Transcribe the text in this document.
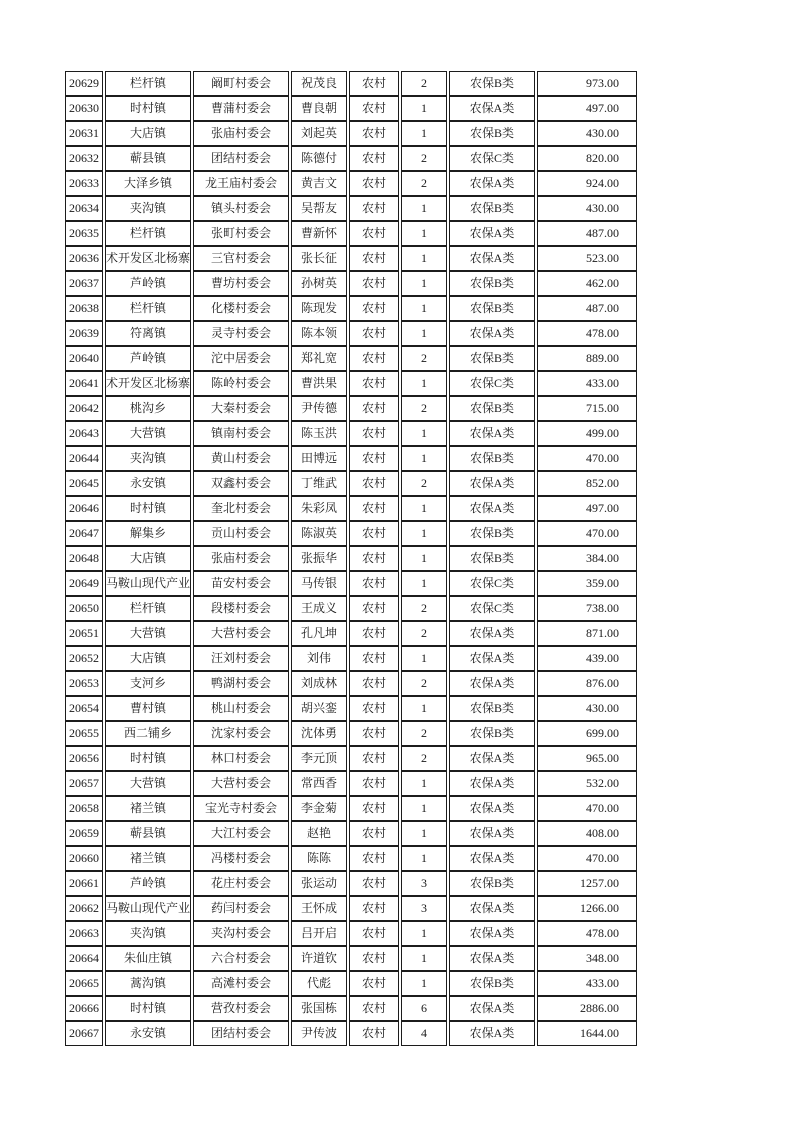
20629	栏杆镇	阚町村委会	祝茂良	农村	2	农保B类	973.00
20630	时村镇	曹蒲村委会	曹良朝	农村	1	农保A类	497.00
20631	大店镇	张庙村委会	刘起英	农村	1	农保B类	430.00
20632	蕲县镇	团结村委会	陈德付	农村	2	农保C类	820.00
20633	大泽乡镇	龙王庙村委会	黄吉文	农村	2	农保A类	924.00
20634	夹沟镇	镇头村委会	吴帮友	农村	1	农保B类	430.00
20635	栏杆镇	张町村委会	曹新怀	农村	1	农保A类	487.00
20636	术开发区北杨寨	三官村委会	张长征	农村	1	农保A类	523.00
20637	芦岭镇	曹坊村委会	孙树英	农村	1	农保B类	462.00
20638	栏杆镇	化楼村委会	陈现发	农村	1	农保B类	487.00
20639	符离镇	灵寺村委会	陈本领	农村	1	农保A类	478.00
20640	芦岭镇	沱中居委会	郑礼宽	农村	2	农保B类	889.00
20641	术开发区北杨寨	陈岭村委会	曹洪果	农村	1	农保C类	433.00
20642	桃沟乡	大秦村委会	尹传德	农村	2	农保B类	715.00
20643	大营镇	镇南村委会	陈玉洪	农村	1	农保A类	499.00
20644	夹沟镇	黄山村委会	田博远	农村	1	农保B类	470.00
20645	永安镇	双鑫村委会	丁维武	农村	2	农保A类	852.00
20646	时村镇	奎北村委会	朱彩凤	农村	1	农保A类	497.00
20647	解集乡	贡山村委会	陈淑英	农村	1	农保B类	470.00
20648	大店镇	张庙村委会	张振华	农村	1	农保B类	384.00
20649	马鞍山现代产业	苗安村委会	马传银	农村	1	农保C类	359.00
20650	栏杆镇	段楼村委会	王成义	农村	2	农保C类	738.00
20651	大营镇	大营村委会	孔凡坤	农村	2	农保A类	871.00
20652	大店镇	汪刘村委会	刘伟	农村	1	农保A类	439.00
20653	支河乡	鸭湖村委会	刘成林	农村	2	农保A类	876.00
20654	曹村镇	桃山村委会	胡兴銮	农村	1	农保B类	430.00
20655	西二铺乡	沈家村委会	沈体勇	农村	2	农保B类	699.00
20656	时村镇	林口村委会	李元顶	农村	2	农保A类	965.00
20657	大营镇	大营村委会	常西香	农村	1	农保A类	532.00
20658	褚兰镇	宝光寺村委会	李金菊	农村	1	农保A类	470.00
20659	蕲县镇	大江村委会	赵艳	农村	1	农保A类	408.00
20660	褚兰镇	冯楼村委会	陈陈	农村	1	农保A类	470.00
20661	芦岭镇	花庄村委会	张运动	农村	3	农保B类	1257.00
20662	马鞍山现代产业	药闫村委会	王怀成	农村	3	农保A类	1266.00
20663	夹沟镇	夹沟村委会	吕开启	农村	1	农保A类	478.00
20664	朱仙庄镇	六合村委会	许道钦	农村	1	农保A类	348.00
20665	蒿沟镇	高滩村委会	代彪	农村	1	农保B类	433.00
20666	时村镇	营孜村委会	张国栋	农村	6	农保A类	2886.00
20667	永安镇	团结村委会	尹传波	农村	4	农保A类	1644.00
